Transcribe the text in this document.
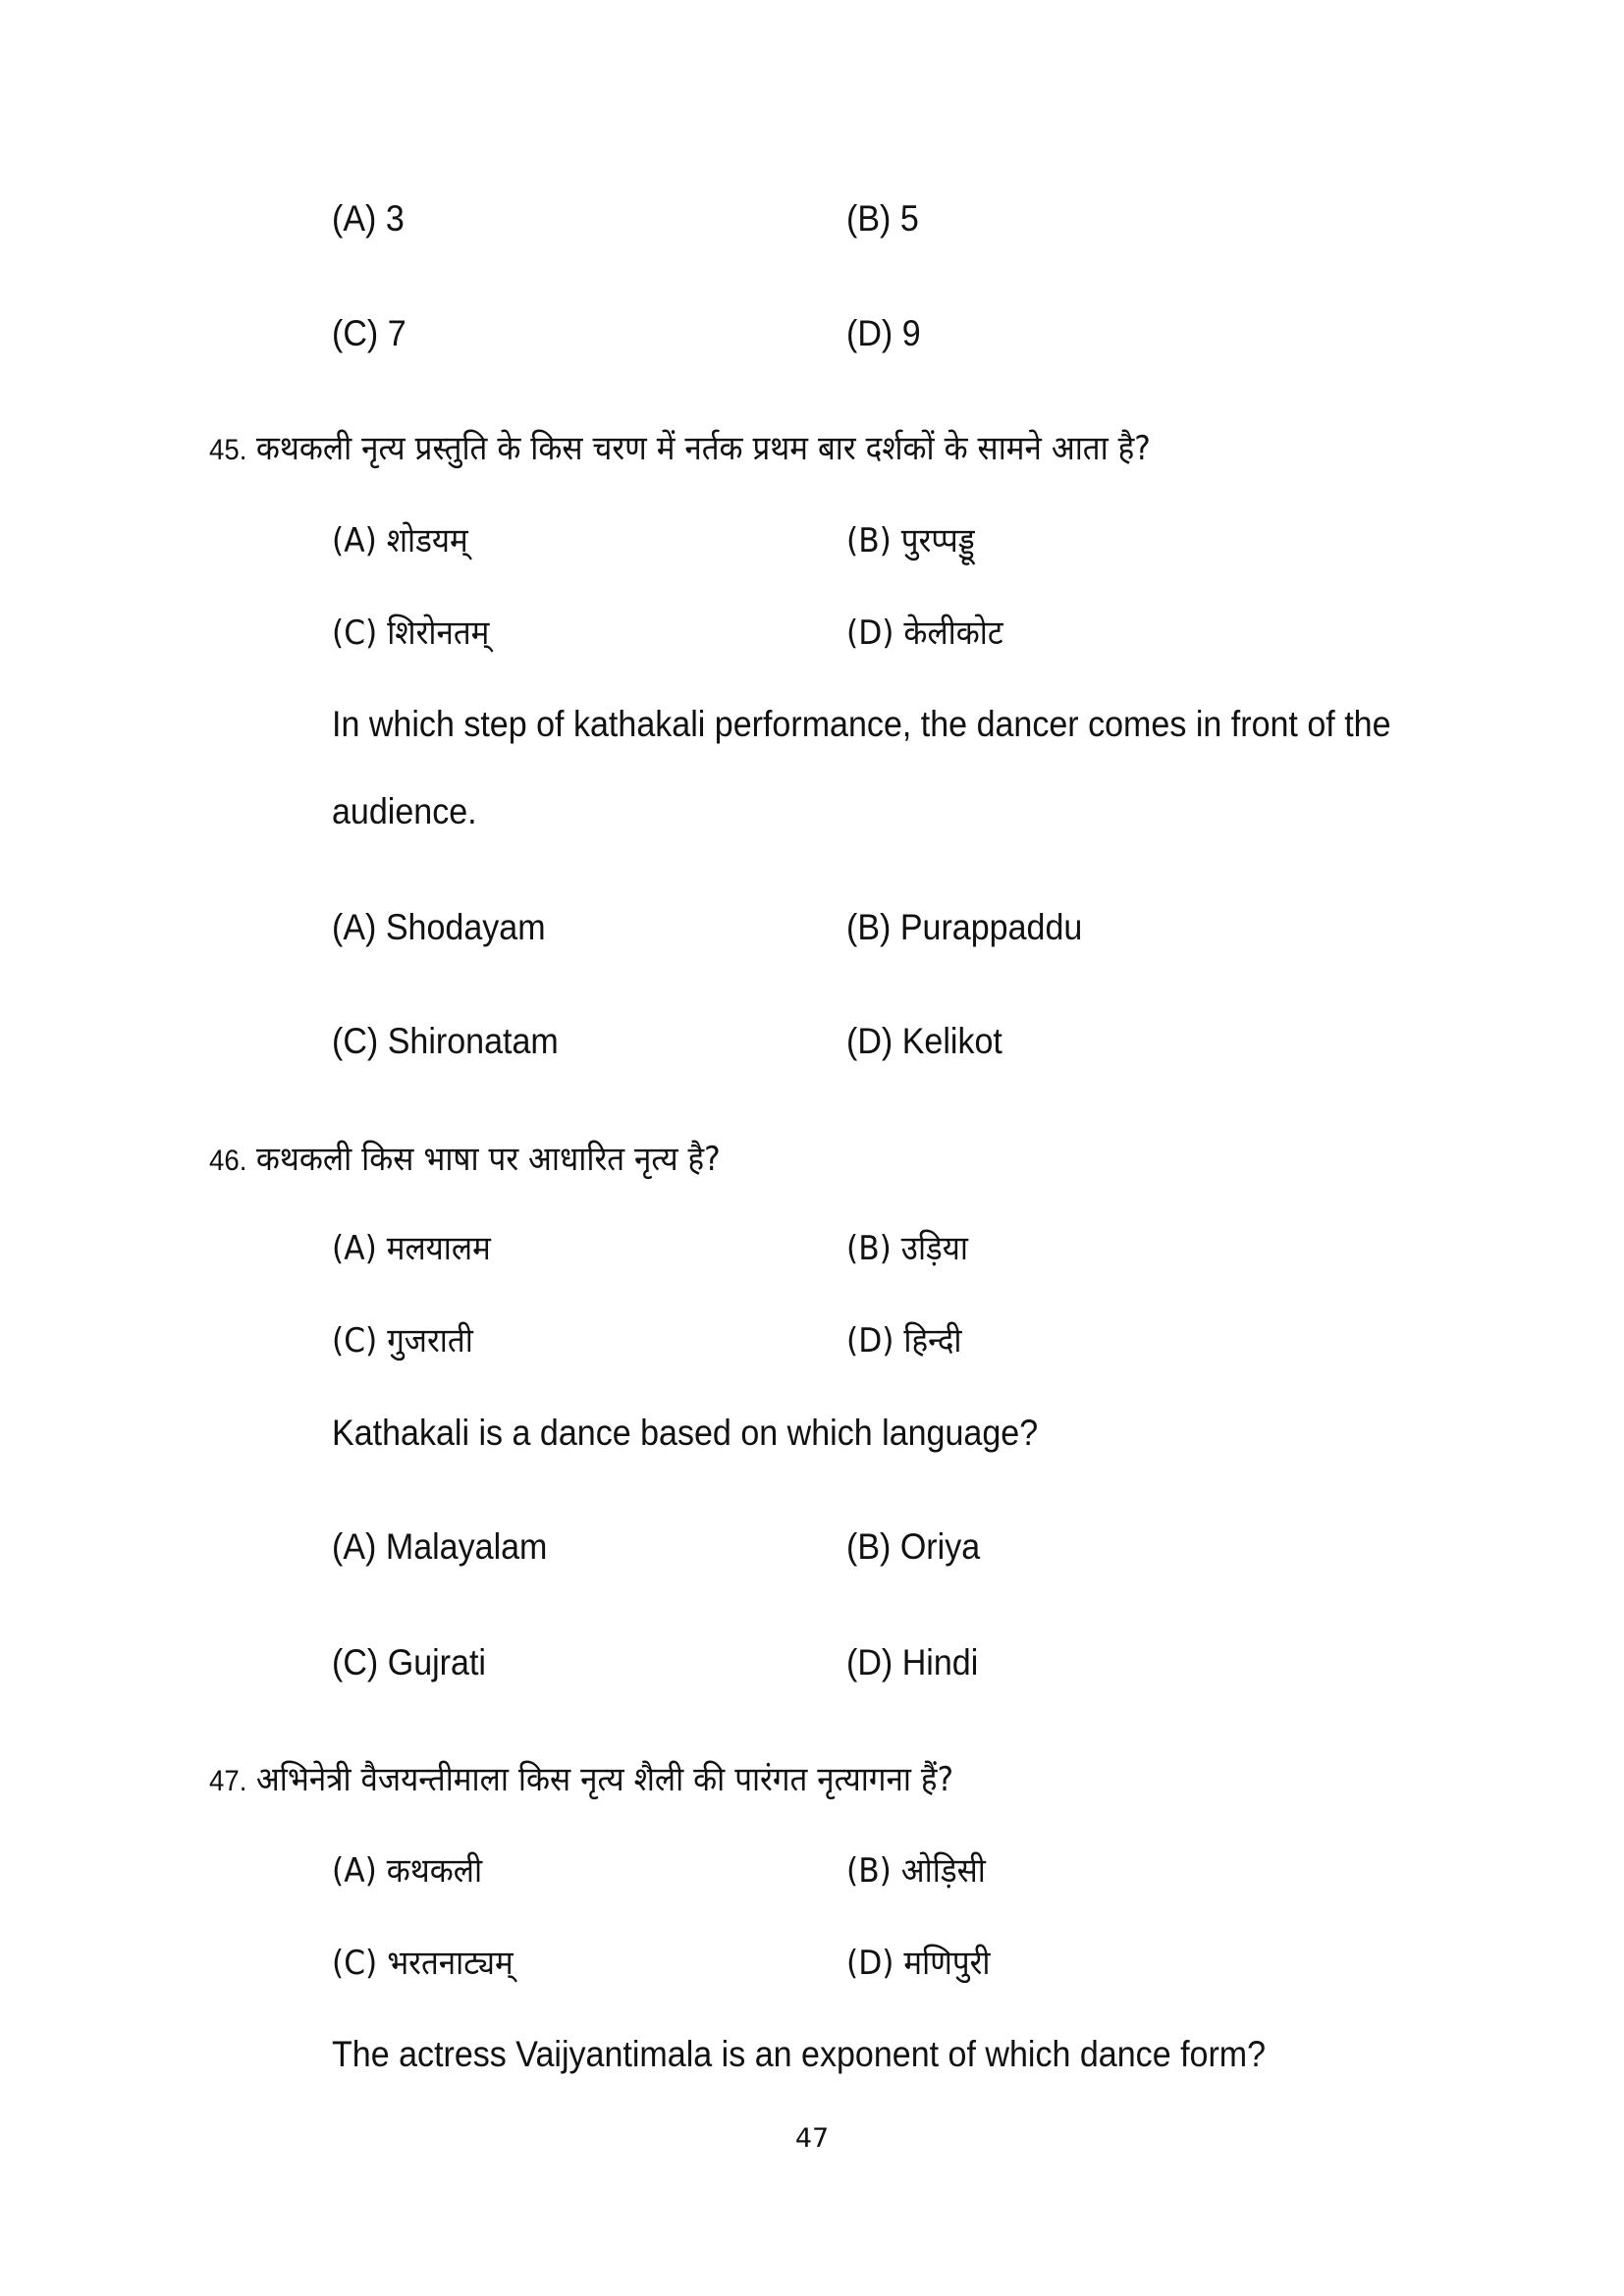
(A) 3	(B) 5
(C) 7	(D) 9
45. कथकली नृत्य प्रस्तुति के किस चरण में नर्तक प्रथम बार दर्शकों के सामने आता है?
(A) शोडयम्	(B) पुरप्पड्डू
(C) शिरोनतम्	(D) केलीकोट
In which step of kathakali performance, the dancer comes in front of the
audience.
(A) Shodayam	(B) Purappaddu
(C) Shironatam	(D) Kelikot
46. कथकली किस भाषा पर आधारित नृत्य है?
(A) मलयालम	(B) उड़िया
(C) गुजराती	(D) हिन्दी
Kathakali is a dance based on which language?
(A) Malayalam	(B) Oriya
(C) Gujrati	(D) Hindi
47. अभिनेत्री वैजयन्तीमाला किस नृत्य शैली की पारंगत नृत्यागना हैं?
(A) कथकली	(B) ओड़िसी
(C) भरतनाट्यम्	(D) मणिपुरी
The actress Vaijyantimala is an exponent of which dance form?
47
